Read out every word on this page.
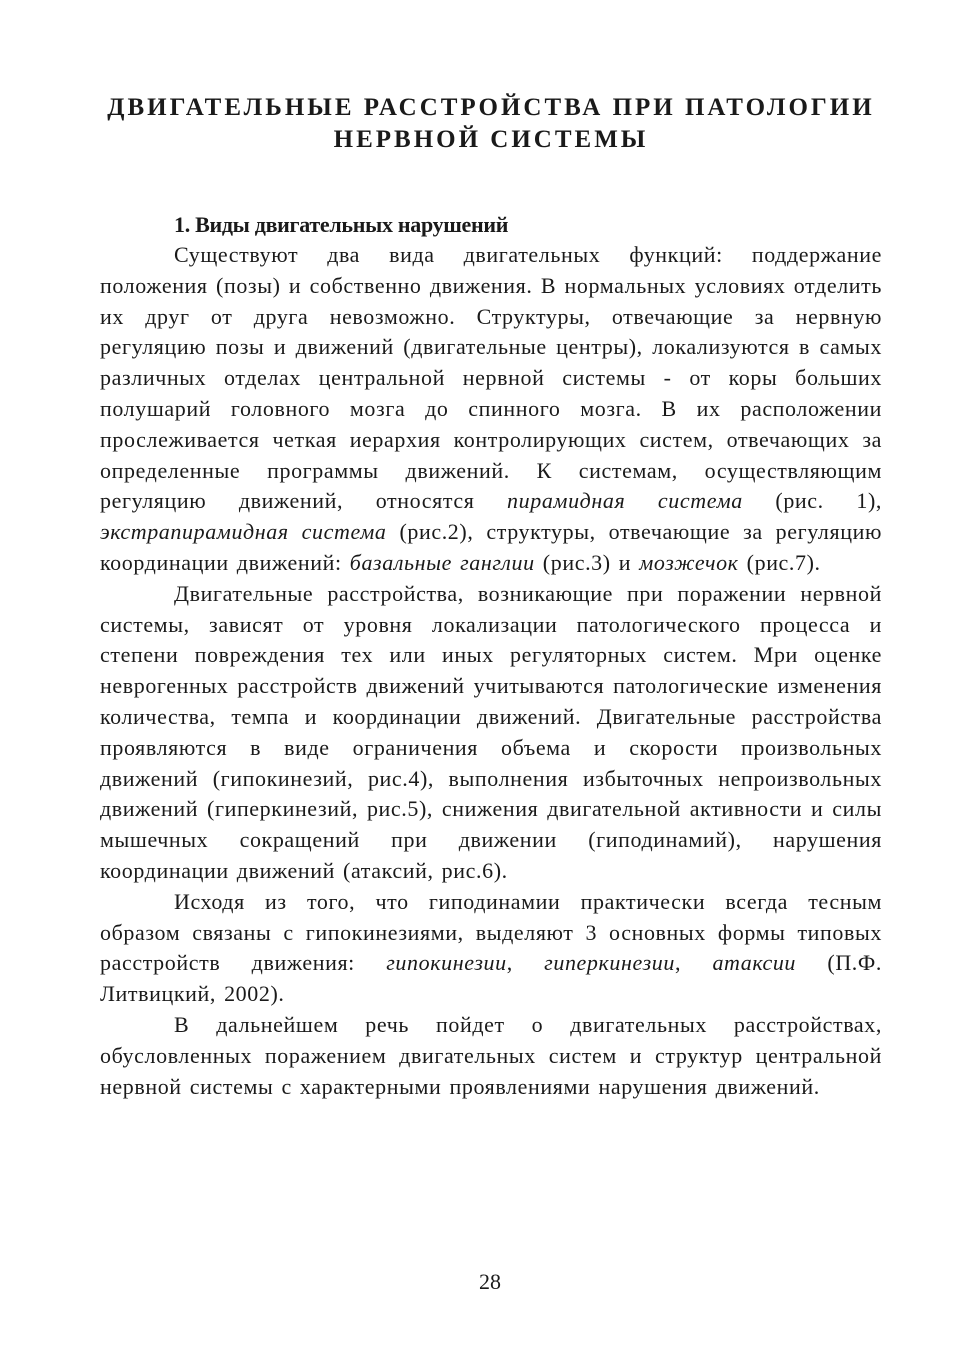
ДВИГАТЕЛЬНЫЕ РАССТРОЙСТВА ПРИ ПАТОЛОГИИ
НЕРВНОЙ СИСТЕМЫ
1. Виды двигательных нарушений

Существуют два вида двигательных функций: поддержание положения (позы) и собственно движения. В нормальных условиях отделить их друг от друга невозможно. Структуры, отвечающие за нервную регуляцию позы и движений (двигательные центры), локализуются в самых различных отделах центральной нервной системы - от коры больших полушарий головного мозга до спинного мозга. В их расположении прослеживается четкая иерархия контролирующих систем, отвечающих за определенные программы движений. К системам, осуществляющим регуляцию движений, относятся пирамидная система (рис. 1), экстрапирамидная система (рис.2), структуры, отвечающие за регуляцию координации движений: базальные ганглии (рис.3) и мозжечок (рис.7).

Двигательные расстройства, возникающие при поражении нервной системы, зависят от уровня локализации патологического процесса и степени повреждения тех или иных регуляторных систем. Мри оценке неврогенных расстройств движений учитываются патологические изменения количества, темпа и координации движений. Двигательные расстройства проявляются в виде ограничения объема и скорости произвольных движений (гипокинезий, рис.4), выполнения избыточных непроизвольных движений (гиперкинезий, рис.5), снижения двигательной активности и силы мышечных сокращений при движении (гиподинамий), нарушения координации движений (атаксий, рис.6).

Исходя из того, что гиподинамии практически всегда тесным образом связаны с гипокинезиями, выделяют 3 основных формы типовых расстройств движения: гипокинезии, гиперкинезии, атаксии (П.Ф. Литвицкий, 2002).

В дальнейшем речь пойдет о двигательных расстройствах, обусловленных поражением двигательных систем и структур центральной нервной системы с характерными проявлениями нарушения движений.

28
